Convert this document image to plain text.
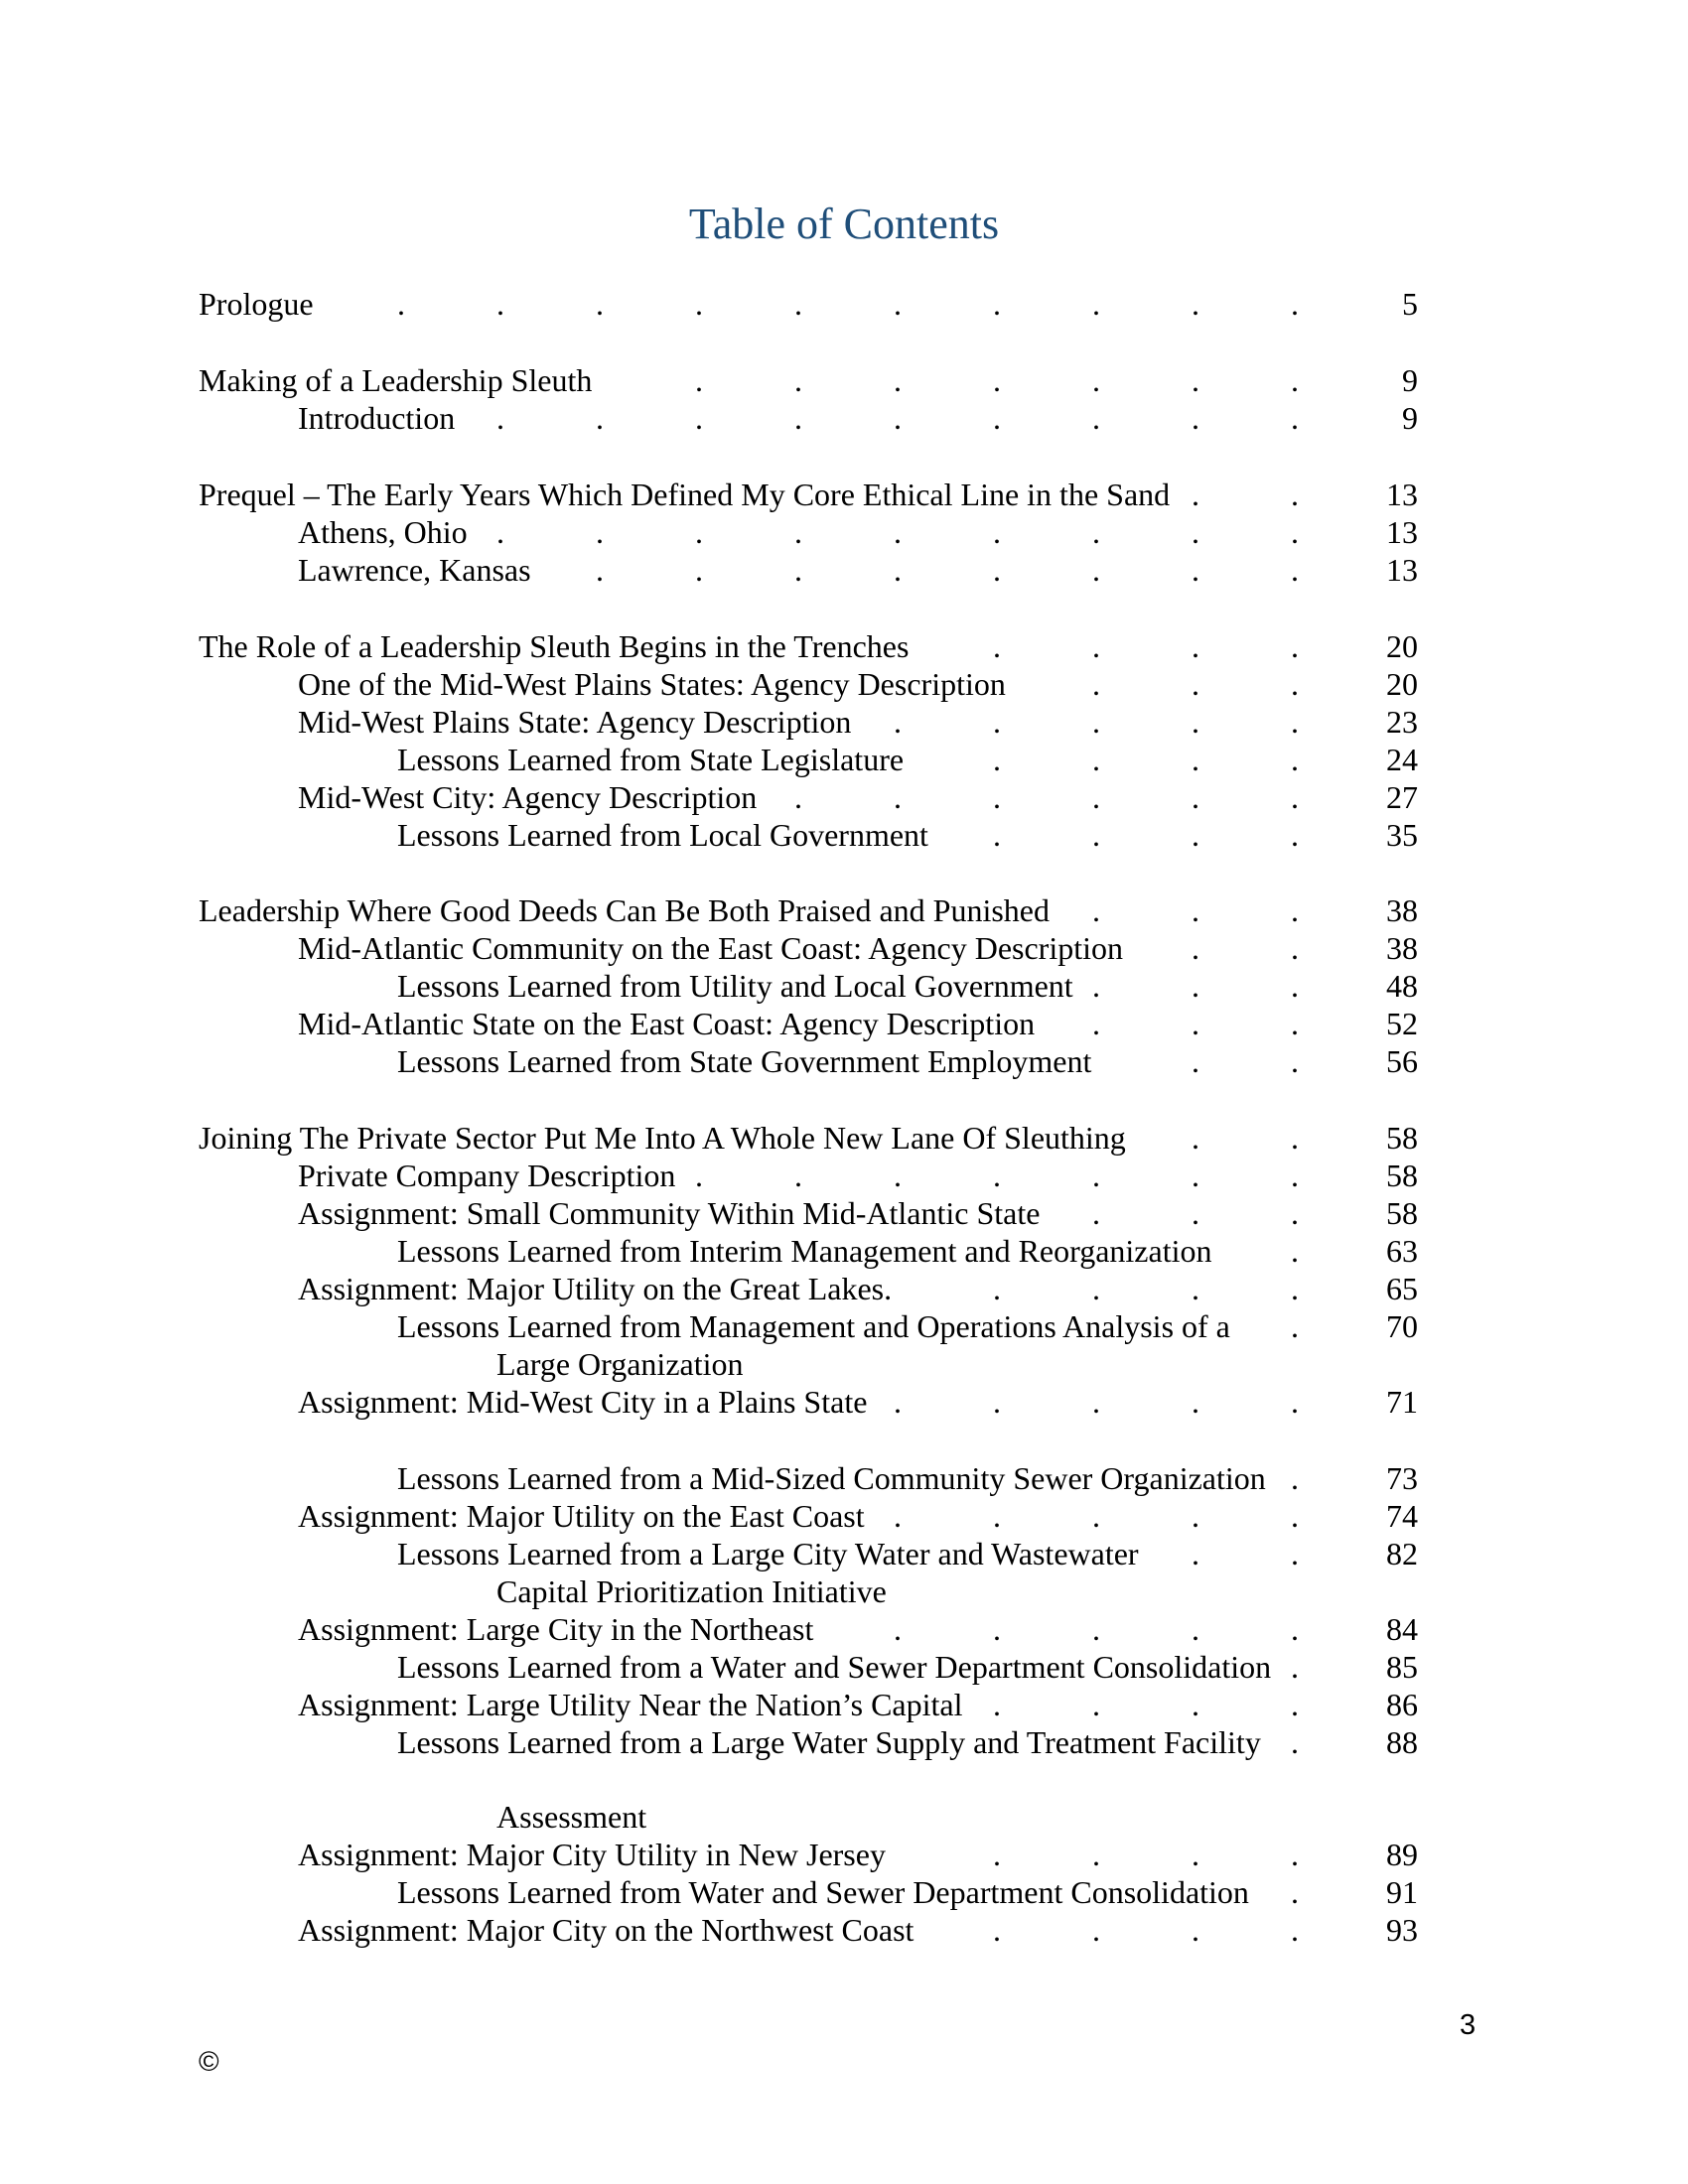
Table of Contents
Prologue	.	.	.	.	.	.	.	.	.	.	5
Making of a Leadership Sleuth	.	.	.	.	.	.	.	9
Introduction .	.	.	.	.	.	.	.	.	9
Prequel – The Early Years Which Defined My Core Ethical Line in the Sand .	.	13
Athens, Ohio .	.	.	.	.	.	.	.	.	13
Lawrence, Kansas .	.	.	.	.	.	.	.	13
The Role of a Leadership Sleuth Begins in the Trenches	.	.	.	.	20
One of the Mid-West Plains States: Agency Description	.	.	.	20
Mid-West Plains State: Agency Description .	.	.	.	.	23
Lessons Learned from State Legislature	.	.	.	.	24
Mid-West City: Agency Description .	.	.	.	.	.	27
Lessons Learned from Local Government .	.	.	.	35
Leadership Where Good Deeds Can Be Both Praised and Punished .	.	.	38
Mid-Atlantic Community on the East Coast: Agency Description .	.	38
Lessons Learned from Utility and Local Government .	.	.	48
Mid-Atlantic State on the East Coast: Agency Description .	.	.	52
Lessons Learned from State Government Employment	.	.	56
Joining The Private Sector Put Me Into A Whole New Lane Of Sleuthing .	.	58
Private Company Description .	.	.	.	.	.	.	58
Assignment: Small Community Within Mid-Atlantic State .	.	.	58
Lessons Learned from Interim Management and Reorganization .	63
Assignment: Major Utility on the Great Lakes.	.	.	.	.	65
Lessons Learned from Management and Operations Analysis of a .	70
Large Organization
Assignment: Mid-West City in a Plains State .	.	.	.	.	71
Lessons Learned from a Mid-Sized Community Sewer Organization .	73
Assignment: Major Utility on the East Coast .	.	.	.	.	74
Lessons Learned from a Large City Water and Wastewater .	.	82
Capital Prioritization Initiative
Assignment: Large City in the Northeast	.	.	.	.	.	84
Lessons Learned from a Water and Sewer Department Consolidation .	85
Assignment: Large Utility Near the Nation’s Capital .	.	.	.	86
Lessons Learned from a Large Water Supply and Treatment Facility .	88
Assessment
Assignment: Major City Utility in New Jersey	.	.	.	.	89
Lessons Learned from Water and Sewer Department Consolidation .	91
Assignment: Major City on the Northwest Coast .	.	.	.	93
3
©
